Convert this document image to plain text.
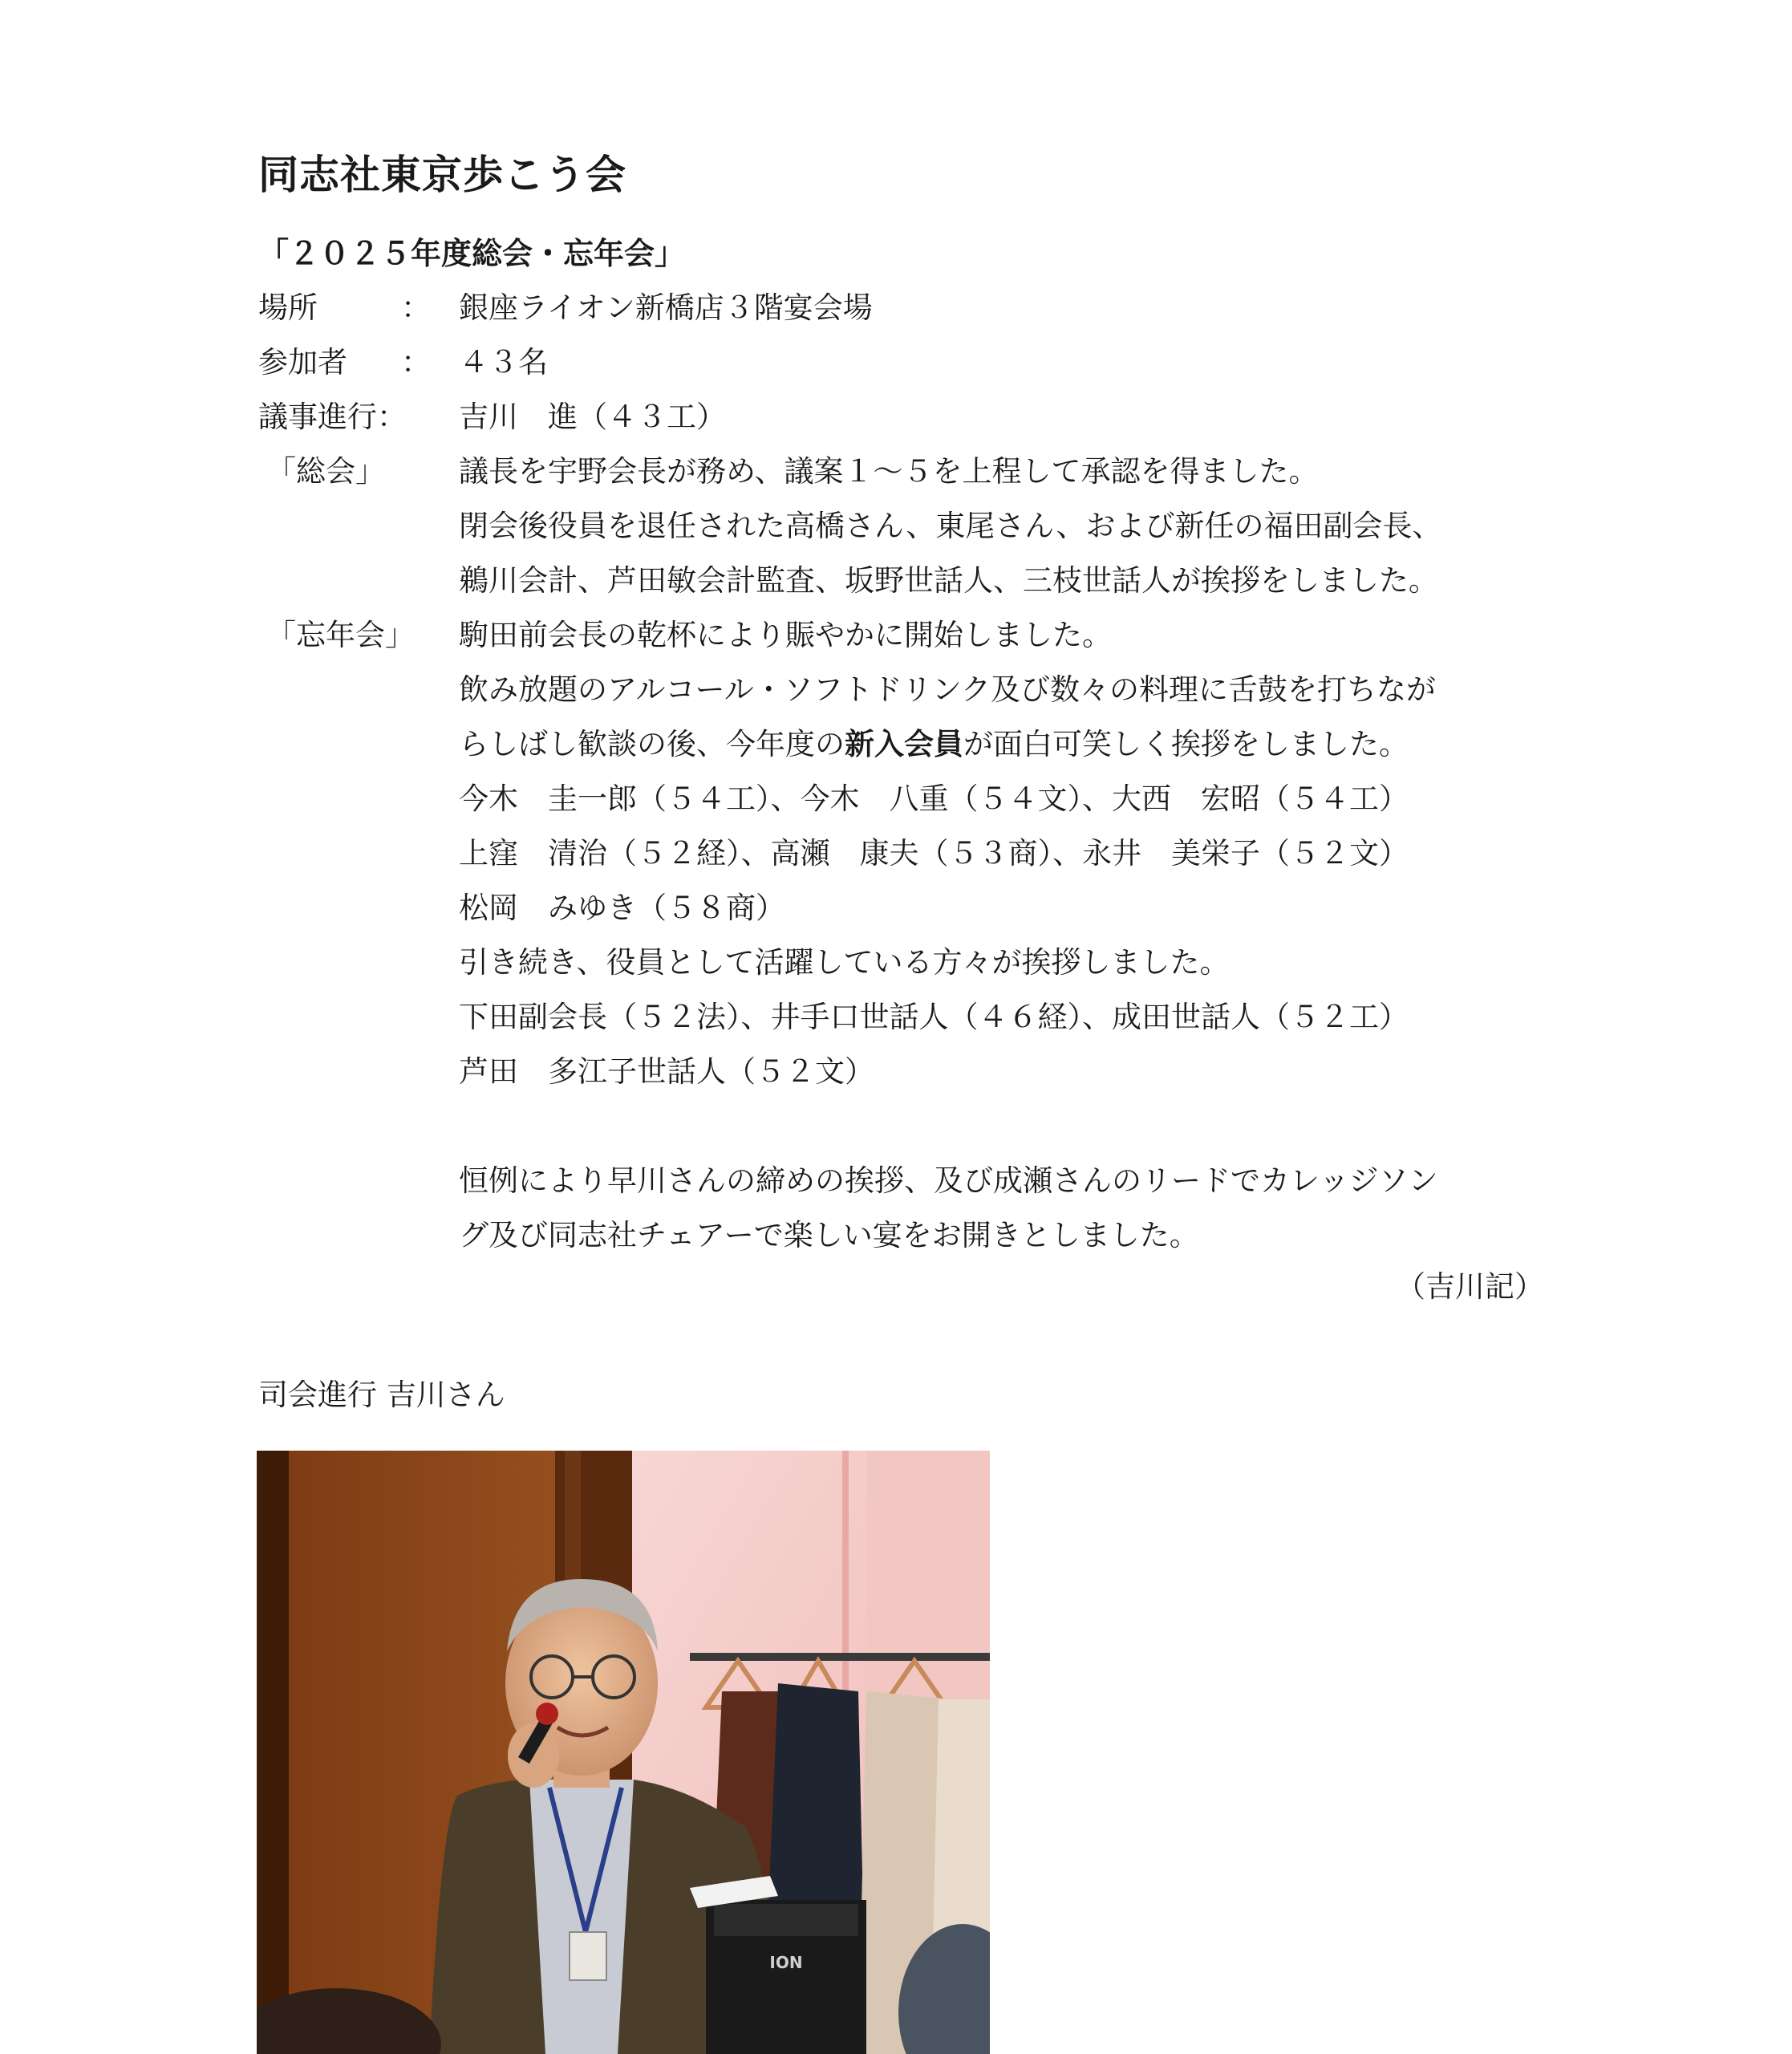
同志社東京歩こう会
「２０２５年度総会・忘年会」
場所	： 銀座ライオン新橋店３階宴会場
参加者 ： ４３名
議事進行： 吉川　進（４３工）
「総会」 議長を宇野会長が務め、議案１～５を上程して承認を得ました。
閉会後役員を退任された高橋さん、東尾さん、および新任の福田副会長、
鵜川会計、芦田敏会計監査、坂野世話人、三枝世話人が挨拶をしました。
「忘年会」 駒田前会長の乾杯により賑やかに開始しました。
飲み放題のアルコール・ソフトドリンク及び数々の料理に舌鼓を打ちなが
らしばし歓談の後、今年度の新入会員が面白可笑しく挨拶をしました。
今木　圭一郎（５４工）、今木　八重（５４文）、大西　宏昭（５４工）
上窪　清治（５２経）、高瀬　康夫（５３商）、永井　美栄子（５２文）
松岡　みゆき（５８商）
引き続き、役員として活躍している方々が挨拶しました。
下田副会長（５２法）、井手口世話人（４６経）、成田世話人（５２工）
芦田　多江子世話人（５２文）
恒例により早川さんの締めの挨拶、及び成瀬さんのリードでカレッジソン
グ及び同志社チェアーで楽しい宴をお開きとしました。
（吉川記）
司会進行 吉川さん
ION
